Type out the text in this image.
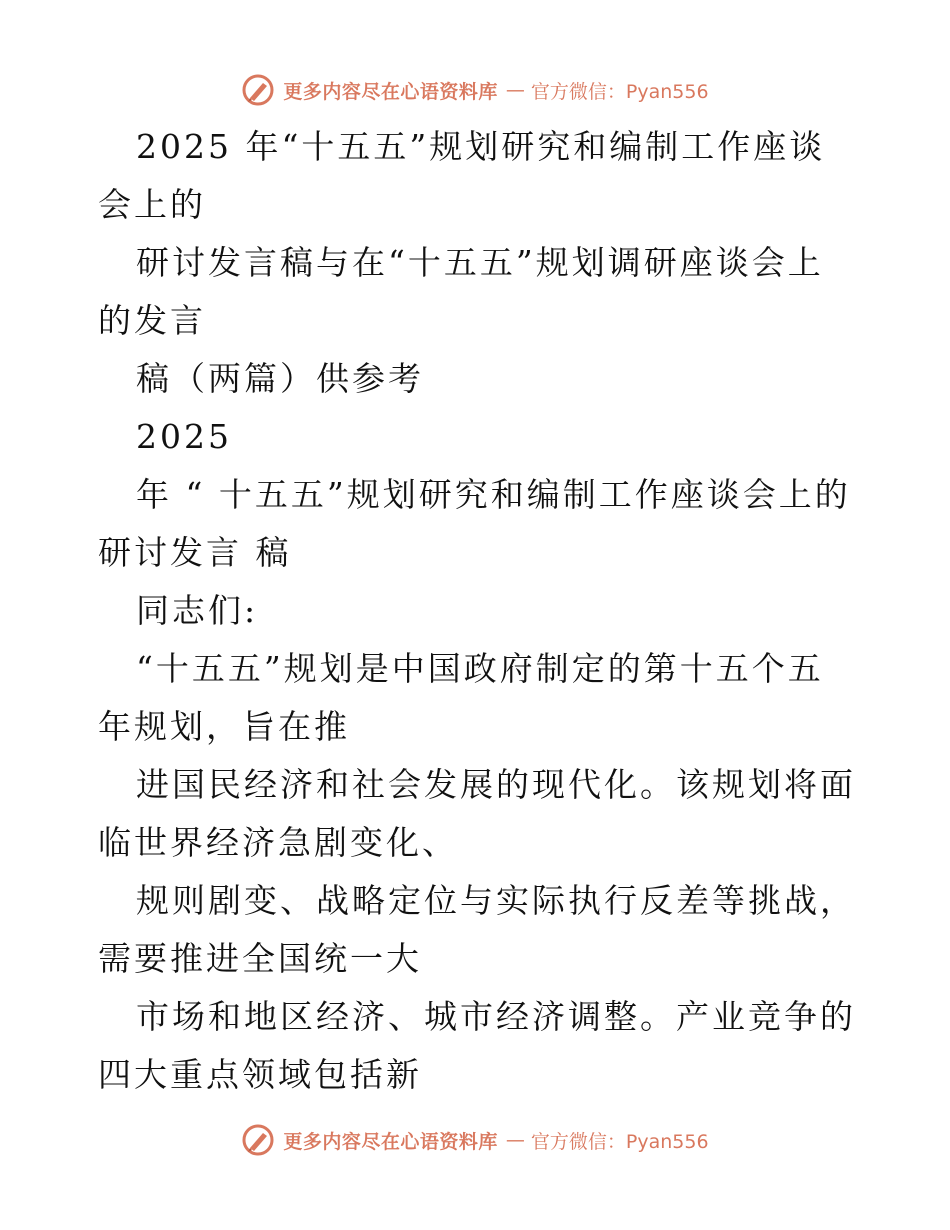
更多内容尽在心语资料库 — 官方微信：Pyan556

2025 年“十五五”规划研究和编制工作座谈会上的

研讨发言稿与在“十五五”规划调研座谈会上的发言

稿（两篇）供参考

2025

年 “ 十五五”规划研究和编制工作座谈会上的研讨发言 稿

同志们:

“十五五”规划是中国政府制定的第十五个五年规划，旨在推

进国民经济和社会发展的现代化。该规划将面临世界经济急剧变化、

规则剧变、战略定位与实际执行反差等挑战，需要推进全国统一大

市场和地区经济、城市经济调整。产业竞争的四大重点领域包括新

更多内容尽在心语资料库 — 官方微信：Pyan556
